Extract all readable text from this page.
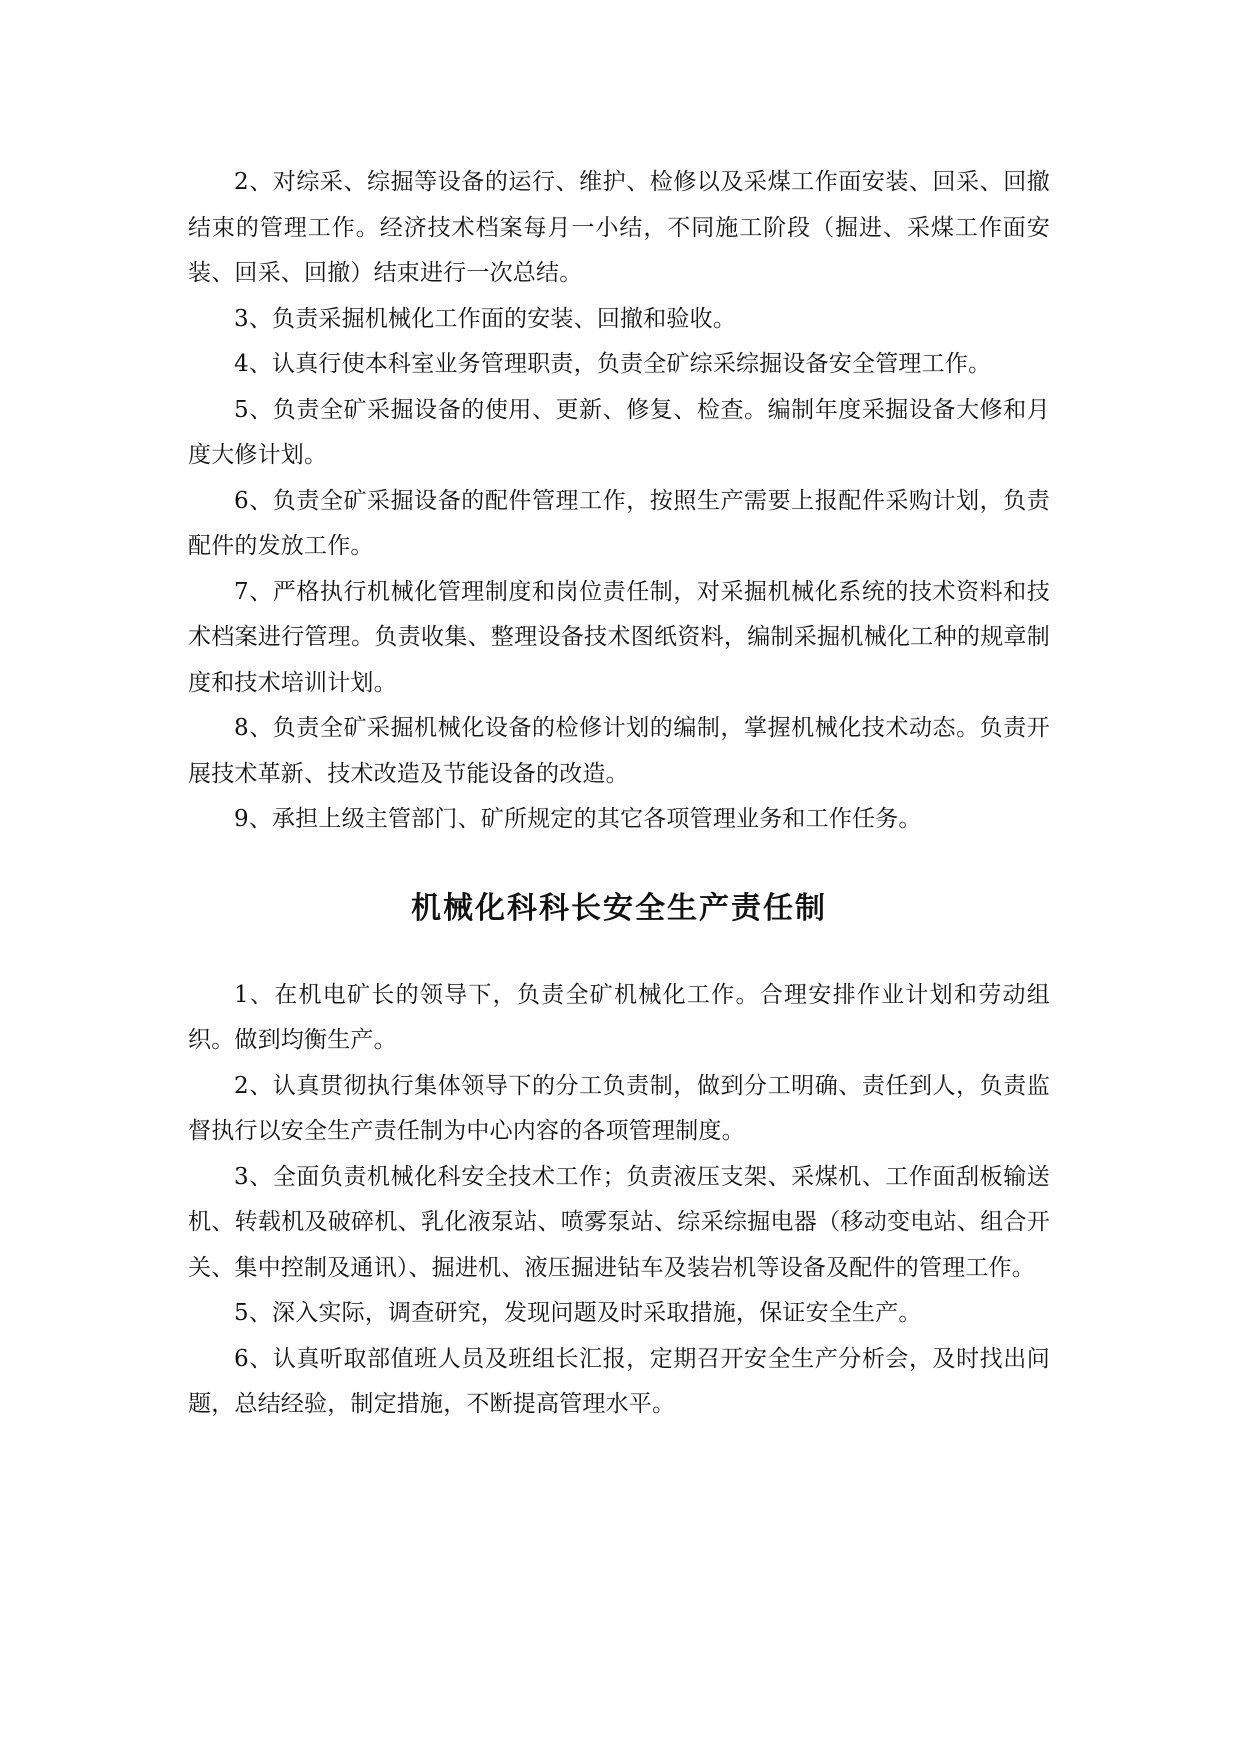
2、对综采、综掘等设备的运行、维护、检修以及采煤工作面安装、回采、回撤结束的管理工作。经济技术档案每月一小结，不同施工阶段（掘进、采煤工作面安装、回采、回撤）结束进行一次总结。

3、负责采掘机械化工作面的安装、回撤和验收。

4、认真行使本科室业务管理职责，负责全矿综采综掘设备安全管理工作。

5、负责全矿采掘设备的使用、更新、修复、检查。编制年度采掘设备大修和月度大修计划。

6、负责全矿采掘设备的配件管理工作，按照生产需要上报配件采购计划，负责配件的发放工作。

7、严格执行机械化管理制度和岗位责任制，对采掘机械化系统的技术资料和技术档案进行管理。负责收集、整理设备技术图纸资料，编制采掘机械化工种的规章制度和技术培训计划。

8、负责全矿采掘机械化设备的检修计划的编制，掌握机械化技术动态。负责开展技术革新、技术改造及节能设备的改造。

9、承担上级主管部门、矿所规定的其它各项管理业务和工作任务。

机械化科科长安全生产责任制

1、在机电矿长的领导下，负责全矿机械化工作。合理安排作业计划和劳动组织。做到均衡生产。

2、认真贯彻执行集体领导下的分工负责制，做到分工明确、责任到人，负责监督执行以安全生产责任制为中心内容的各项管理制度。

3、全面负责机械化科安全技术工作；负责液压支架、采煤机、工作面刮板输送机、转载机及破碎机、乳化液泵站、喷雾泵站、综采综掘电器（移动变电站、组合开关、集中控制及通讯）、掘进机、液压掘进钻车及装岩机等设备及配件的管理工作。

5、深入实际，调查研究，发现问题及时采取措施，保证安全生产。

6、认真听取部值班人员及班组长汇报，定期召开安全生产分析会，及时找出问题，总结经验，制定措施，不断提高管理水平。
